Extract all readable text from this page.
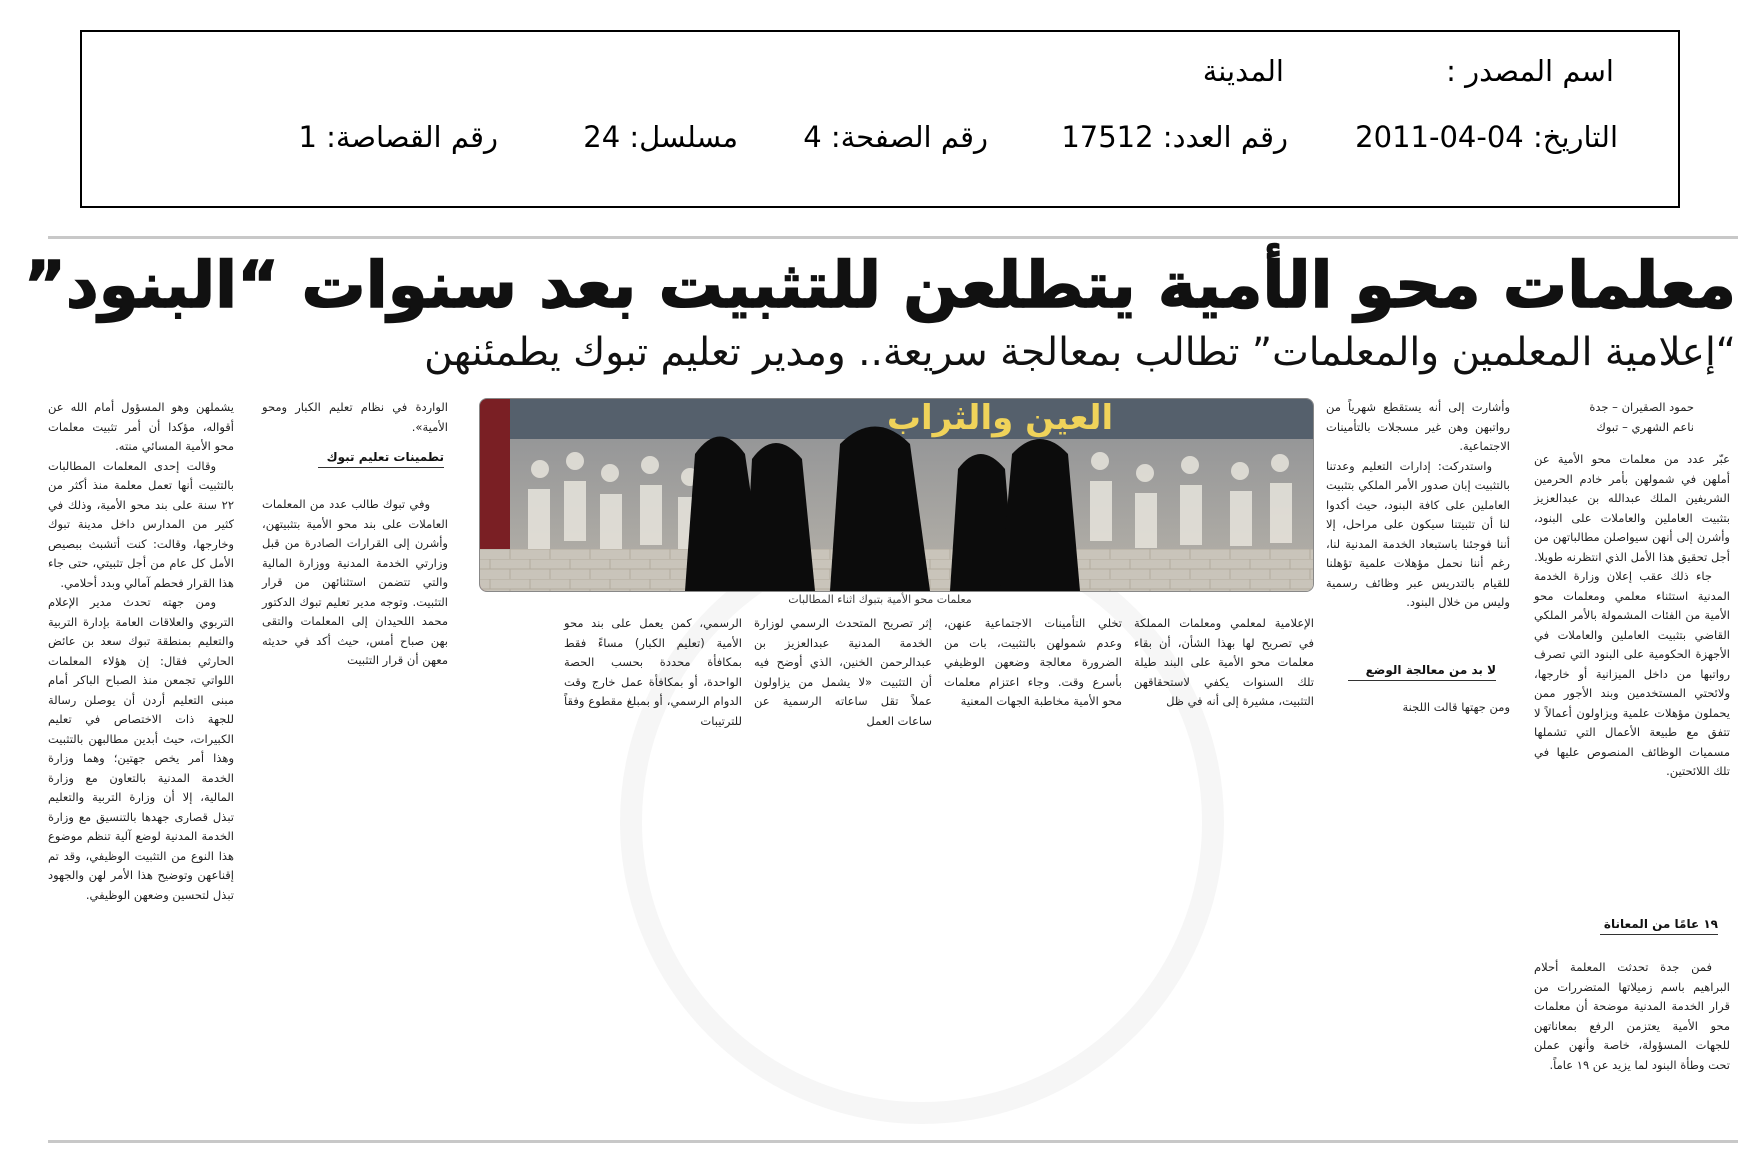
اسم المصدر :
المدينة
التاريخ: 04-04-2011
رقم العدد: 17512
رقم الصفحة: 4
مسلسل: 24
رقم القصاصة: 1
معلمات محو الأمية يتطلعن للتثبيت بعد سنوات “البنود”
“إعلامية المعلمين والمعلمات” تطالب بمعالجة سريعة.. ومدير تعليم تبوك يطمئنهن
حمود الصقيران – جدة
ناعم الشهري – تبوك

عبّر عدد من معلمات محو الأمية عن أملهن في شمولهن بأمر خادم الحرمين الشريفين الملك عبدالله بن عبدالعزيز بتثبيت العاملين والعاملات على البنود، وأشرن إلى أنهن سيواصلن مطالباتهن من أجل تحقيق هذا الأمل الذي انتظرنه طويلا.

جاء ذلك عقب إعلان وزارة الخدمة المدنية استثناء معلمي ومعلمات محو الأمية من الفئات المشمولة بالأمر الملكي القاضي بتثبيت العاملين والعاملات في الأجهزة الحكومية على البنود التي تصرف رواتبها من داخل الميزانية أو خارجها، ولائحتي المستخدمين وبند الأجور ممن يحملون مؤهلات علمية ويزاولون أعمالاً لا تتفق مع طبيعة الأعمال التي تشملها مسميات الوظائف المنصوص عليها في تلك اللائحتين.

١٩ عامًا من المعاناة

فمن جدة تحدثت المعلمة أحلام البراهيم باسم زميلاتها المتضررات من قرار الخدمة المدنية موضحة أن معلمات محو الأمية يعتزمن الرفع بمعاناتهن للجهات المسؤولة، خاصة وأنهن عملن تحت وطأة البنود لما يزيد عن ١٩ عاماً.

وأشارت إلى أنه يستقطع شهرياً من رواتبهن وهن غير مسجلات بالتأمينات الاجتماعية.

واستدركت: إدارات التعليم وعدتنا بالتثبيت إبان صدور الأمر الملكي بتثبيت العاملين على كافة البنود، حيث أكدوا لنا أن تثبيتنا سيكون على مراحل، إلا أننا فوجئنا باستبعاد الخدمة المدنية لنا، رغم أننا نحمل مؤهلات علمية تؤهلنا للقيام بالتدريس عبر وظائف رسمية وليس من خلال البنود.

لا بد من معالجة الوضع

ومن جهتها قالت اللجنة

العين والثراب
معلمات محو الأمية بتبوك اثناء المطالبات

الإعلامية لمعلمي ومعلمات المملكة في تصريح لها بهذا الشأن، أن بقاء معلمات محو الأمية على البند طيلة تلك السنوات يكفي لاستحقاقهن التثبيت، مشيرة إلى أنه في ظل

تخلي التأمينات الاجتماعية عنهن، وعدم شمولهن بالتثبيت، بات من الضرورة معالجة وضعهن الوظيفي بأسرع وقت. وجاء اعتزام معلمات محو الأمية مخاطبة الجهات المعنية

إثر تصريح المتحدث الرسمي لوزارة الخدمة المدنية عبدالعزيز بن عبدالرحمن الخنين، الذي أوضح فيه أن التثبيت «لا يشمل من يزاولون عملاً تقل ساعاته الرسمية عن ساعات العمل

الرسمي، كمن يعمل على بند محو الأمية (تعليم الكبار) مساءً فقط بمكافأة محددة بحسب الحصة الواحدة، أو بمكافأة عمل خارج وقت الدوام الرسمي، أو بمبلغ مقطوع وفقاً للترتيبات

الواردة في نظام تعليم الكبار ومحو الأمية».

تطمينات تعليم تبوك

وفي تبوك طالب عدد من المعلمات العاملات على بند محو الأمية بتثبيتهن، وأشرن إلى القرارات الصادرة من قبل وزارتي الخدمة المدنية ووزارة المالية والتي تتضمن استثنائهن من قرار التثبيت. وتوجه مدير تعليم تبوك الدكتور محمد اللحيدان إلى المعلمات والتقى بهن صباح أمس، حيث أكد في حديثه معهن أن قرار التثبيت

يشملهن وهو المسؤول أمام الله عن أقواله، مؤكدا أن أمر تثبيت معلمات محو الأمية المسائي منته.

وقالت إحدى المعلمات المطالبات بالتثبيت أنها تعمل معلمة منذ أكثر من ٢٢ سنة على بند محو الأمية، وذلك في كثير من المدارس داخل مدينة تبوك وخارجها، وقالت: كنت أتشبث ببصيص الأمل كل عام من أجل تثبيتي، حتى جاء هذا القرار فحطم آمالي وبدد أحلامي.

ومن جهته تحدث مدير الإعلام التربوي والعلاقات العامة بإدارة التربية والتعليم بمنطقة تبوك سعد بن عائض الحارثي فقال: إن هؤلاء المعلمات اللواتي تجمعن منذ الصباح الباكر أمام مبنى التعليم أردن أن يوصلن رسالة للجهة ذات الاختصاص في تعليم الكبيرات، حيث أبدين مطالبهن بالتثبيت وهذا أمر يخص جهتين؛ وهما وزارة الخدمة المدنية بالتعاون مع وزارة المالية، إلا أن وزارة التربية والتعليم تبذل قصارى جهدها بالتنسيق مع وزارة الخدمة المدنية لوضع آلية تنظم موضوع هذا النوع من التثبيت الوظيفي، وقد تم إقناعهن وتوضيح هذا الأمر لهن والجهود تبذل لتحسين وضعهن الوظيفي.
